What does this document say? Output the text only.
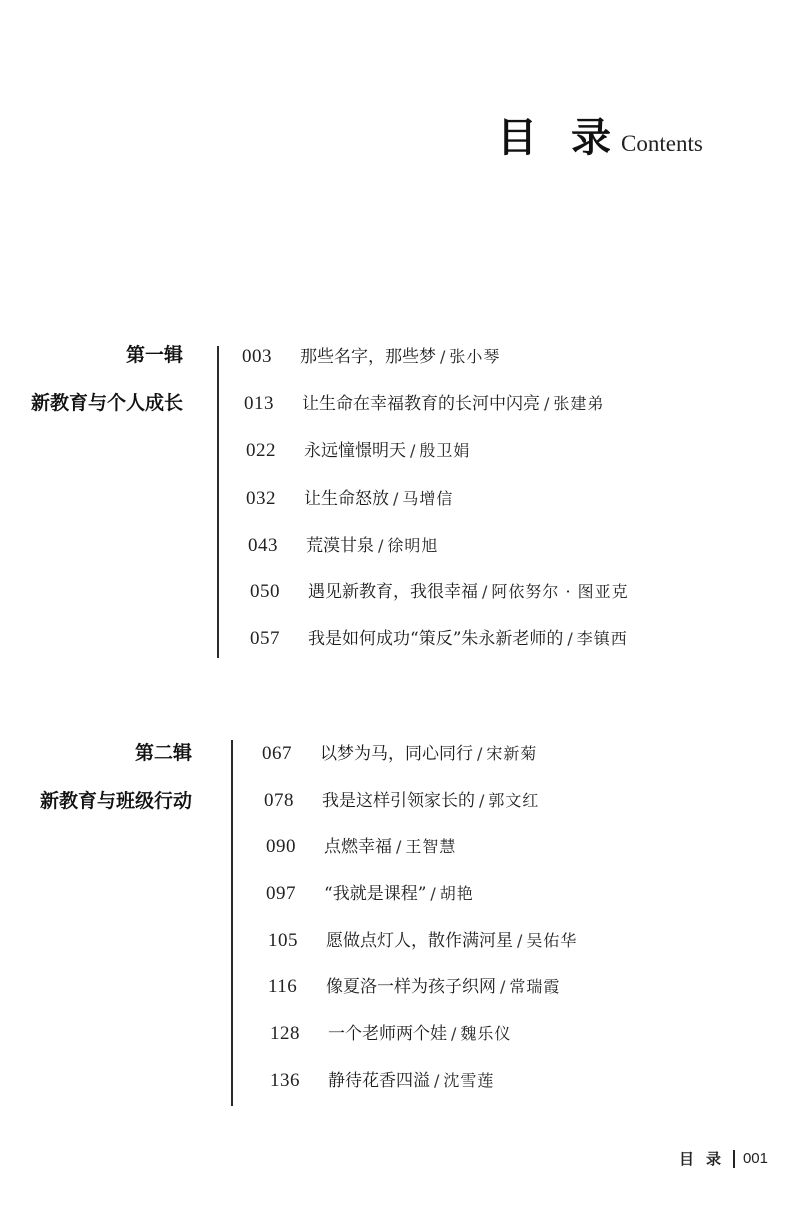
目录
Contents
第一辑
新教育与个人成长
003	那些名字，那些梦 / 张小琴
013	让生命在幸福教育的长河中闪亮 / 张建弟
022	永远憧憬明天 / 殷卫娟
032	让生命怒放 / 马增信
043	荒漠甘泉 / 徐明旭
050	遇见新教育，我很幸福 / 阿依努尔 · 图亚克
057	我是如何成功“策反”朱永新老师的 / 李镇西
第二辑
新教育与班级行动
067	以梦为马，同心同行 / 宋新菊
078	我是这样引领家长的 / 郭文红
090	点燃幸福 / 王智慧
097	“我就是课程” / 胡艳
105	愿做点灯人，散作满河星 / 吴佑华
116	像夏洛一样为孩子织网 / 常瑞霞
128	一个老师两个娃 / 魏乐仪
136	静待花香四溢 / 沈雪莲
目录 001
